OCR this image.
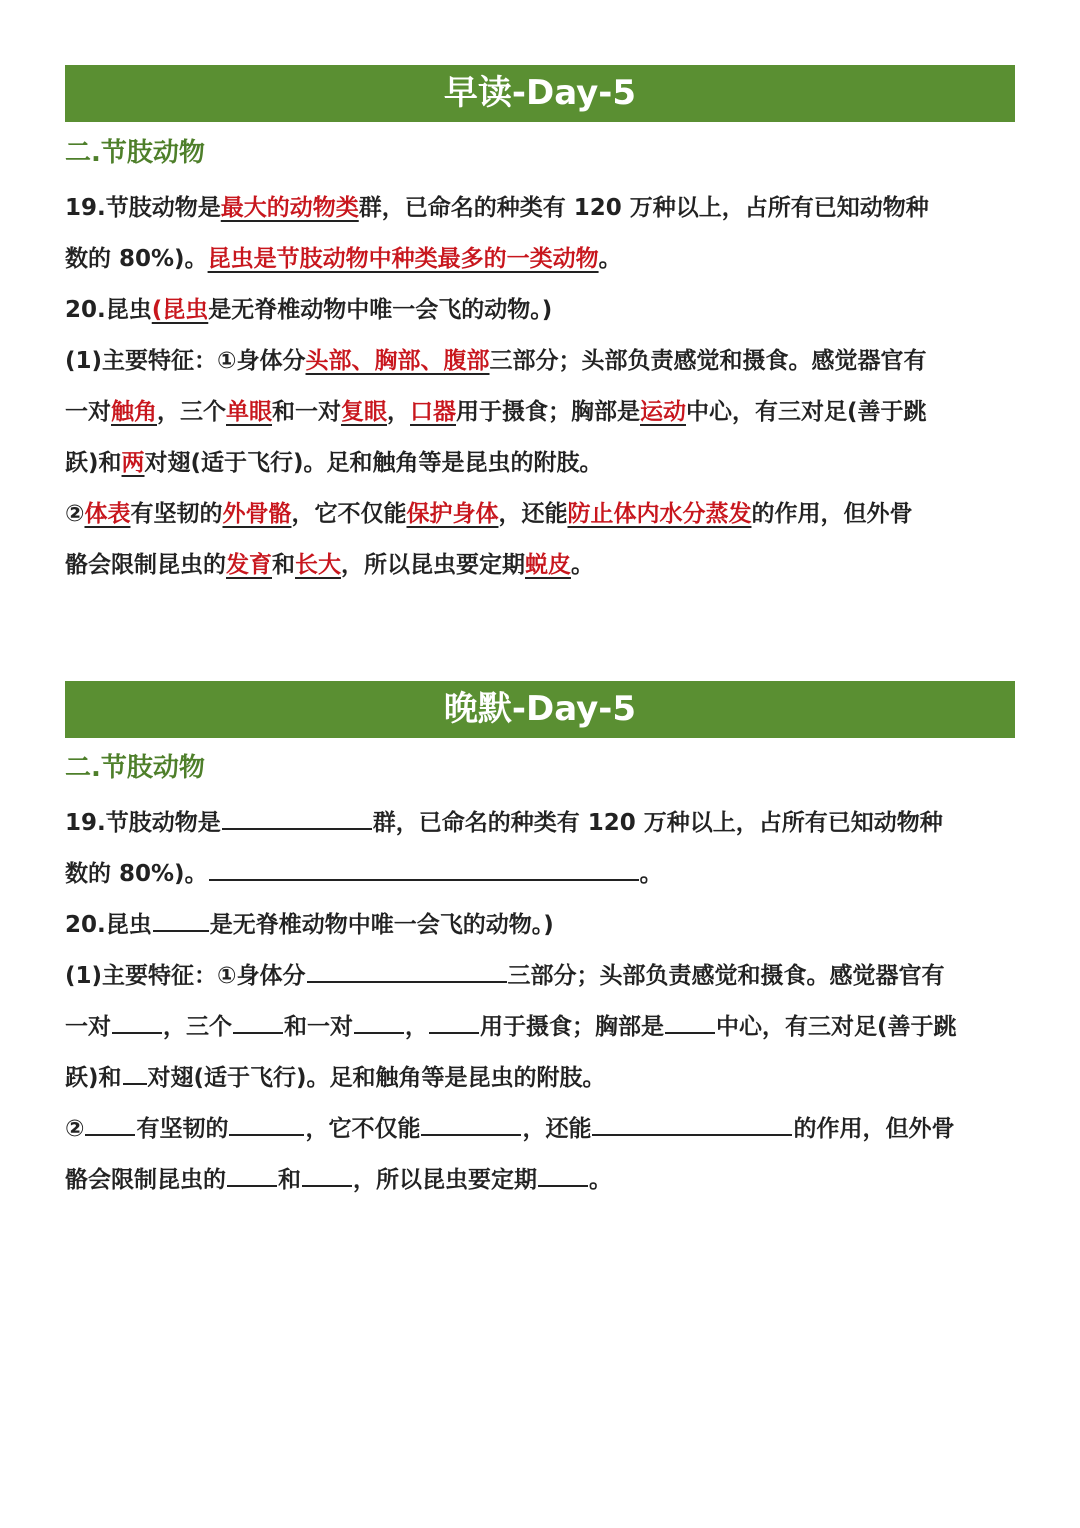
早读-Day-5
二.节肢动物
19.节肢动物是最大的动物类群，已命名的种类有 120 万种以上，占所有已知动物种
数的 80%)。昆虫是节肢动物中种类最多的一类动物。
20.昆虫(昆虫是无脊椎动物中唯一会飞的动物。)
(1)主要特征：①身体分头部、胸部、腹部三部分；头部负责感觉和摄食。感觉器官有
一对触角，三个单眼和一对复眼，口器用于摄食；胸部是运动中心，有三对足(善于跳
跃)和两对翅(适于飞行)。足和触角等是昆虫的附肢。
②体表有坚韧的外骨骼，它不仅能保护身体，还能防止体内水分蒸发的作用，但外骨
骼会限制昆虫的发育和长大，所以昆虫要定期蜕皮。
晚默-Day-5
二.节肢动物
19.节肢动物是	群，已命名的种类有 120 万种以上，占所有已知动物种
数的 80%)。	。
20.昆虫	是无脊椎动物中唯一会飞的动物。)
(1)主要特征：①身体分	三部分；头部负责感觉和摄食。感觉器官有
一对 ，三个 和一对 ， 用于摄食；胸部是 中心，有三对足(善于跳
跃)和 对翅(适于飞行)。足和触角等是昆虫的附肢。
② 有坚韧的	，它不仅能	，还能	的作用，但外骨
骼会限制昆虫的 和 ，所以昆虫要定期 。
